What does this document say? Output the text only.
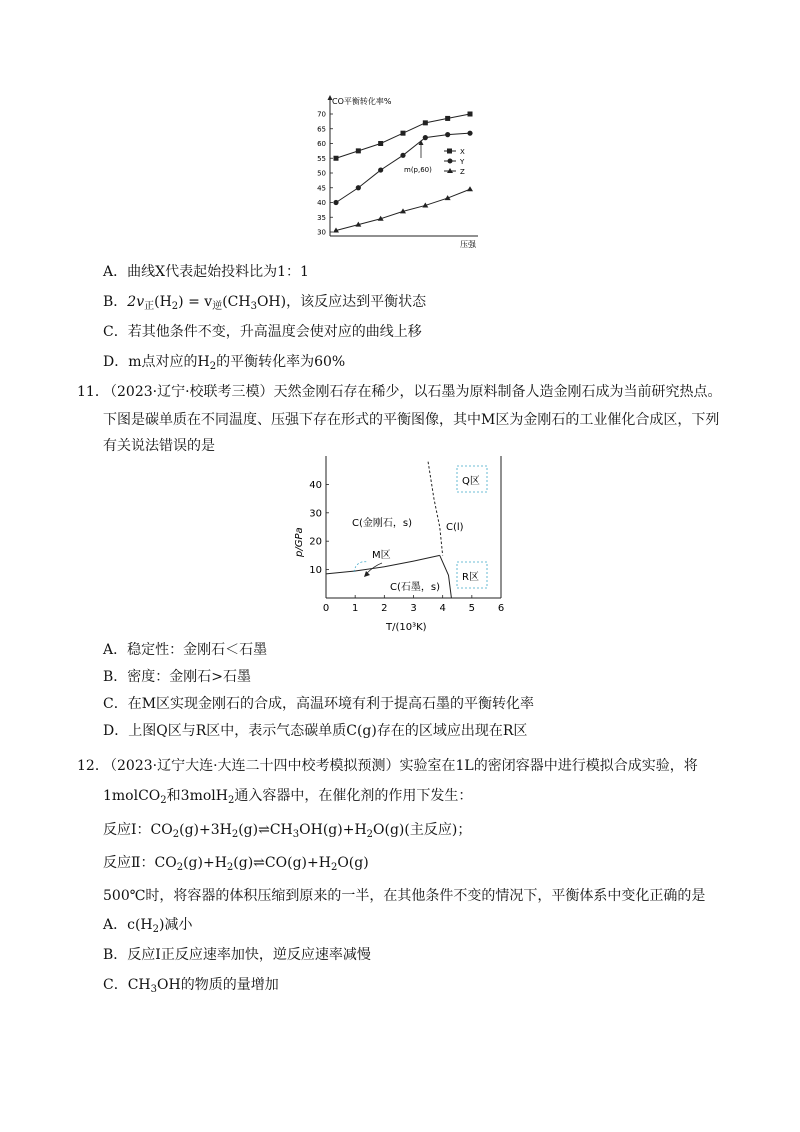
70
65
60
55
50
45
40
35
30
CO平衡转化率%
压强
m(p,60)
X
Y
Z
0 1 2 3 4 5 6
10
20
30
40
p/GPa
T/(10³K)
C(金刚石，s)	C(l)
C(石墨，s)
M区
Q区
R区
A．曲线X代表起始投料比为1：1
B．$2v_正(H_2) = v_逆(CH_3OH)$，该反应达到平衡状态
C．若其他条件不变，升高温度会使对应的曲线上移
D．m点对应的$H_2$的平衡转化率为60%
11．
（2023·辽宁·校联考三模）天然金刚石存在稀少，以石墨为原料制备人造金刚石成为当前研究热点。
下图是碳单质在不同温度、压强下存在形式的平衡图像，其中M区为金刚石的工业催化合成区，下列
有关说法错误的是
A．稳定性：金刚石＜石墨
B．密度：金刚石>石墨
C．在M区实现金刚石的合成，高温环境有利于提高石墨的平衡转化率
D．上图Q区与R区中，表示气态碳单质C(g)存在的区域应出现在R区
12．
（2023·辽宁大连·大连二十四中校考模拟预测）实验室在1L的密闭容器中进行模拟合成实验，将
1molCO$_2$和3molH$_2$通入容器中，在催化剂的作用下发生：
反应Ⅰ：$CO_2(g)+3H_2(g)\rightleftharpoons CH_3OH(g)+H_2O(g)$(主反应)；
反应Ⅱ：$CO_2(g)+H_2(g)\rightleftharpoons CO(g)+H_2O(g)$
500℃时，将容器的体积压缩到原来的一半，在其他条件不变的情况下，平衡体系中变化正确的是
A．$c(H_2)$减小
B．反应Ⅰ正反应速率加快，逆反应速率减慢
C．$CH_3OH$的物质的量增加
